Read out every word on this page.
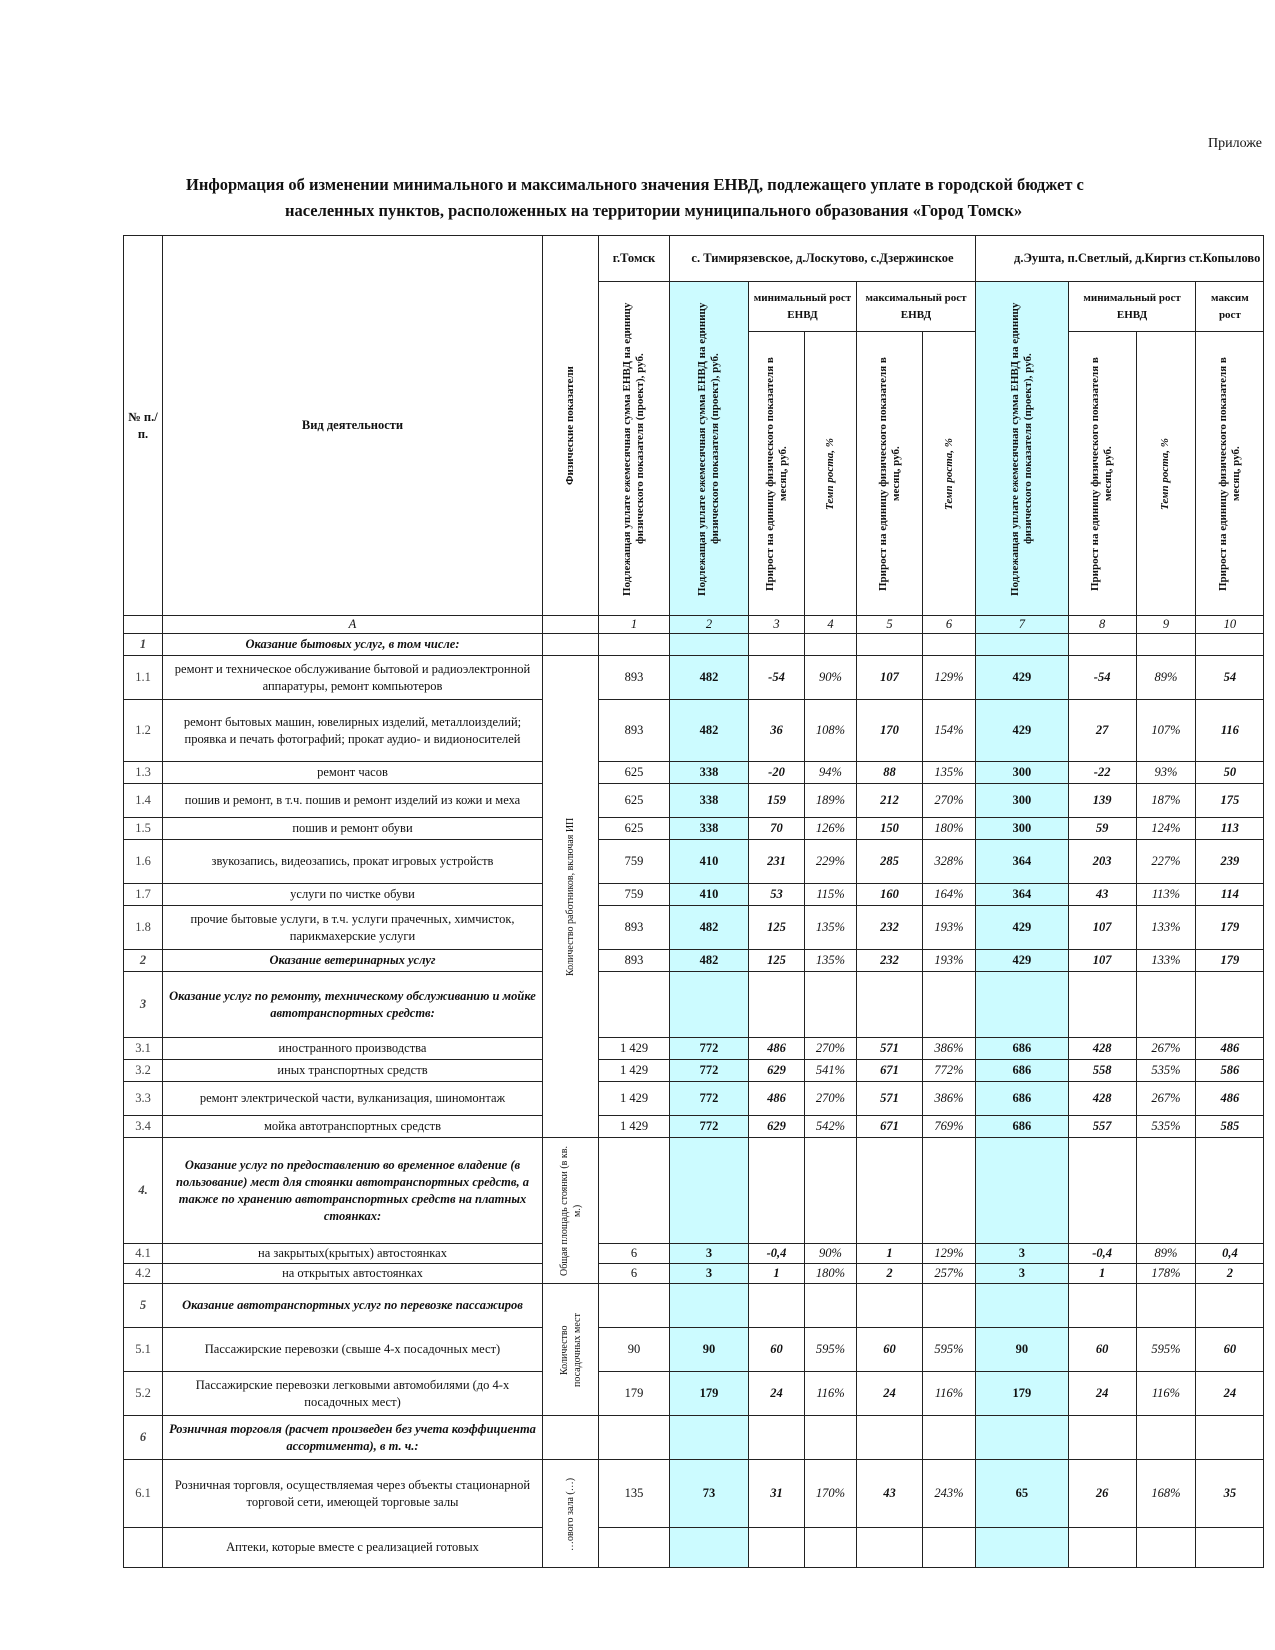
Приложе
Информация об изменении минимального и максимального значения ЕНВД, подлежащего уплате в городской бюджет с
населенных пунктов, расположенных на территории муниципального образования «Город Томск»
№ п./п.	Вид деятельности	Физические показатели	г.Томск	с. Тимирязевское, д.Лоскутово, с.Дзержинское					д.Эушта, п.Светлый, д.Киргиз ст.Копылово			

			Подлежащая уплате ежемесячная сумма ЕНВД на единицу физического показателя (проект), руб.	Подлежащая уплате ежемесячная сумма ЕНВД на единицу физического показателя (проект), руб.	минимальный рост ЕНВД		максимальный рост ЕНВД		Подлежащая уплате ежемесячная сумма ЕНВД на единицу физического показателя (проект), руб.	минимальный рост ЕНВД		максим рост

					Прирост на единицу физического показателя в месяц, руб.	Темп роста, %	Прирост на единицу физического показателя в месяц, руб.	Темп роста, %		Прирост на единицу физического показателя в месяц, руб.	Темп роста, %	Прирост на единицу физического показателя в месяц, руб.

	A		1	2	3	4	5	6	7	8	9	10
1	Оказание бытовых услуг, в том числе:											
1.1	ремонт и техническое обслуживание бытовой и радиоэлектронной аппаратуры, ремонт компьютеров	Количество работников, включая ИП	893	482	-54	90%	107	129%	429	-54	89%	54
1.2	ремонт бытовых машин, ювелирных изделий, металлоизделий; проявка и печать фотографий; прокат аудио- и видионосителей		893	482	36	108%	170	154%	429	27	107%	116
1.3	ремонт часов		625	338	-20	94%	88	135%	300	-22	93%	50
1.4	пошив и ремонт, в т.ч. пошив и ремонт изделий из кожи и меха		625	338	159	189%	212	270%	300	139	187%	175
1.5	пошив и ремонт обуви		625	338	70	126%	150	180%	300	59	124%	113
1.6	звукозапись, видеозапись, прокат игровых устройств		759	410	231	229%	285	328%	364	203	227%	239
1.7	услуги по чистке обуви		759	410	53	115%	160	164%	364	43	113%	114
1.8	прочие бытовые услуги, в т.ч. услуги прачечных, химчисток, парикмахерские услуги		893	482	125	135%	232	193%	429	107	133%	179
2	Оказание ветеринарных услуг		893	482	125	135%	232	193%	429	107	133%	179
3	Оказание услуг по ремонту, техническому обслуживанию и мойке автотранспортных средств:											
3.1	иностранного производства		1 429	772	486	270%	571	386%	686	428	267%	486
3.2	иных транспортных средств		1 429	772	629	541%	671	772%	686	558	535%	586
3.3	ремонт электрической части, вулканизация, шиномонтаж		1 429	772	486	270%	571	386%	686	428	267%	486
3.4	мойка автотранспортных средств		1 429	772	629	542%	671	769%	686	557	535%	585
4.	Оказание услуг по предоставлению во временное владение (в пользование) мест для стоянки автотранспортных средств, а также по хранению автотранспортных средств на платных стоянках:	Общая площадь стоянки (в кв. м.)										

4.1	на закрытых(крытых) автостоянках		6	3	-0,4	90%	1	129%	3	-0,4	89%	0,4
4.2	на открытых автостоянках		6	3	1	180%	2	257%	3	1	178%	2
5	Оказание автотранспортных услуг по перевозке пассажиров	Количество посадочных мест										

5.1	Пассажирские перевозки (свыше 4-х посадочных мест)		90	90	60	595%	60	595%	90	60	595%	60
5.2	Пассажирские перевозки легковыми автомобилями (до 4-х посадочных мест)		179	179	24	116%	24	116%	179	24	116%	24
6	Розничная торговля (расчет произведен без учета коэффициента ассортимента), в т. ч.:											
6.1	Розничная торговля, осуществляемая через объекты стационарной торговой сети, имеющей торговые залы	…ового зала (…)	135	73	31	170%	43	243%	65	26	168%	35
	Аптеки, которые вместе с реализацией готовых											
